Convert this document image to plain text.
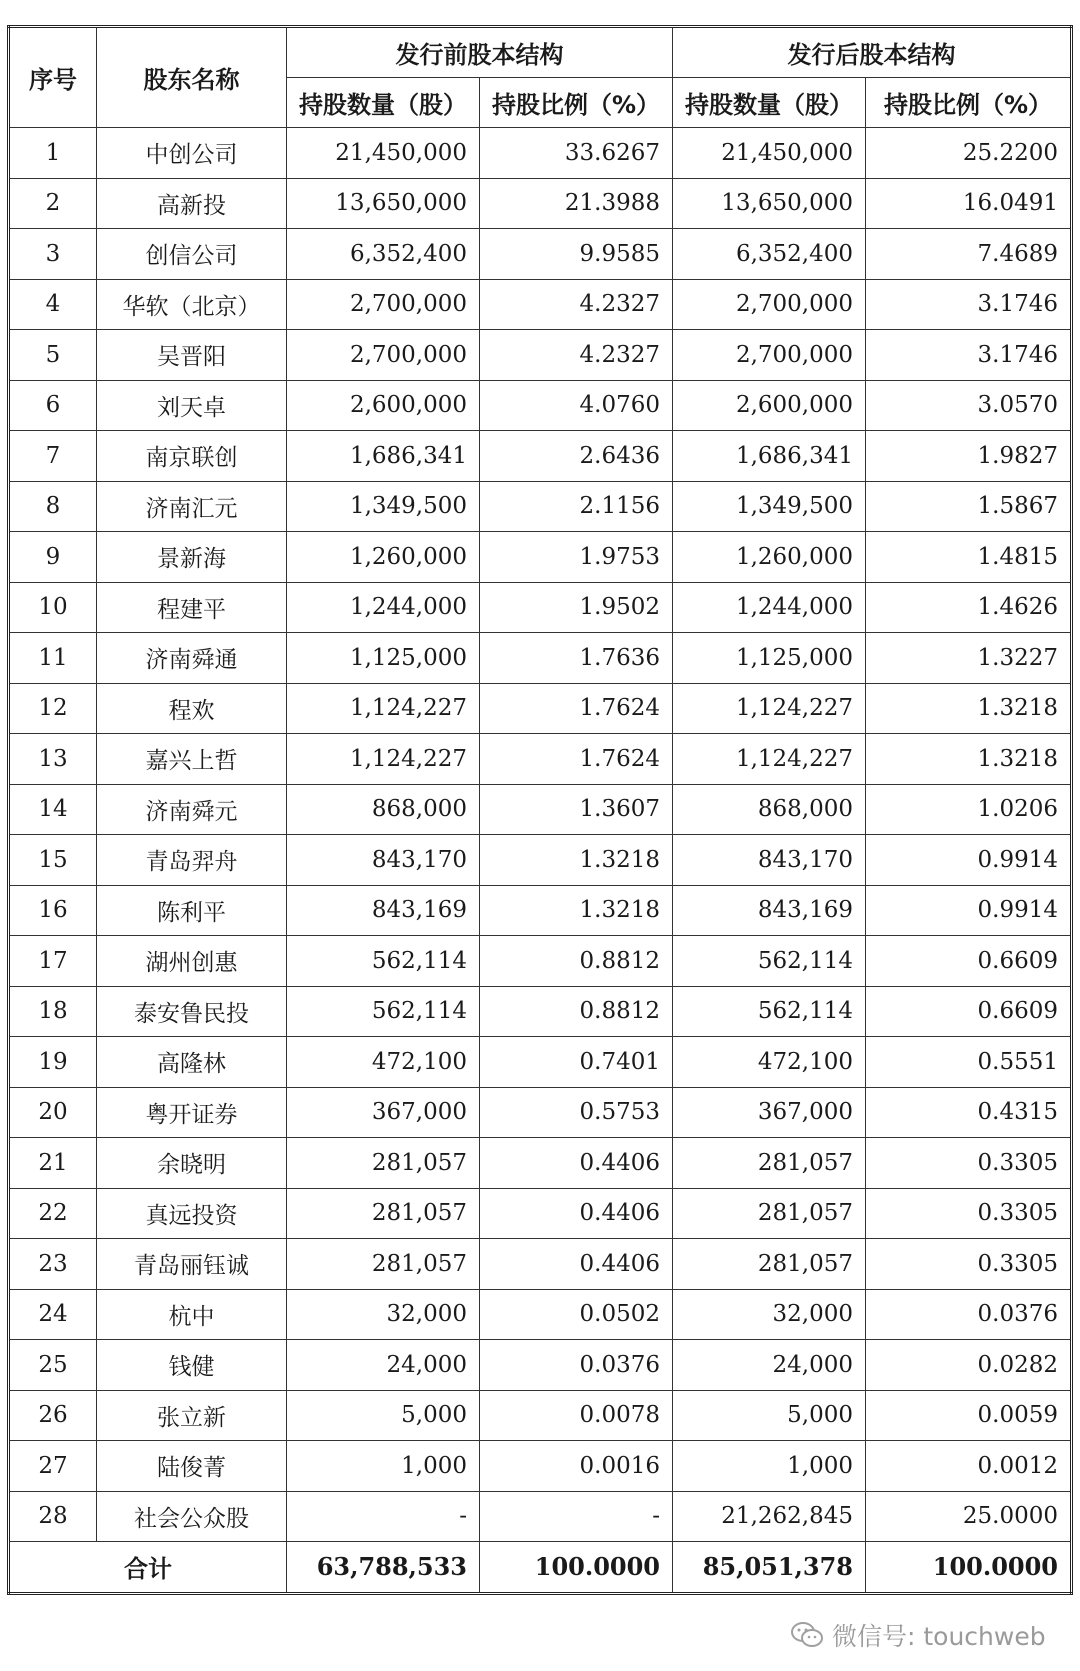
序号	股东名称	发行前股本结构		发行后股本结构	
		持股数量（股）	持股比例（%）	持股数量（股）	持股比例（%）
1	中创公司	21,450,000	33.6267	21,450,000	25.2200
2	高新投	13,650,000	21.3988	13,650,000	16.0491
3	创信公司	6,352,400	9.9585	6,352,400	7.4689
4	华软（北京）	2,700,000	4.2327	2,700,000	3.1746
5	吴晋阳	2,700,000	4.2327	2,700,000	3.1746
6	刘天卓	2,600,000	4.0760	2,600,000	3.0570
7	南京联创	1,686,341	2.6436	1,686,341	1.9827
8	济南汇元	1,349,500	2.1156	1,349,500	1.5867
9	景新海	1,260,000	1.9753	1,260,000	1.4815
10	程建平	1,244,000	1.9502	1,244,000	1.4626
11	济南舜通	1,125,000	1.7636	1,125,000	1.3227
12	程欢	1,124,227	1.7624	1,124,227	1.3218
13	嘉兴上哲	1,124,227	1.7624	1,124,227	1.3218
14	济南舜元	868,000	1.3607	868,000	1.0206
15	青岛羿舟	843,170	1.3218	843,170	0.9914
16	陈利平	843,169	1.3218	843,169	0.9914
17	湖州创惠	562,114	0.8812	562,114	0.6609
18	泰安鲁民投	562,114	0.8812	562,114	0.6609
19	高隆林	472,100	0.7401	472,100	0.5551
20	粤开证券	367,000	0.5753	367,000	0.4315
21	余晓明	281,057	0.4406	281,057	0.3305
22	真远投资	281,057	0.4406	281,057	0.3305
23	青岛丽钰诚	281,057	0.4406	281,057	0.3305
24	杭中	32,000	0.0502	32,000	0.0376
25	钱健	24,000	0.0376	24,000	0.0282
26	张立新	5,000	0.0078	5,000	0.0059
27	陆俊菁	1,000	0.0016	1,000	0.0012
28	社会公众股	-	-	21,262,845	25.0000
合计		63,788,533	100.0000	85,051,378	100.0000
微信号: touchweb
